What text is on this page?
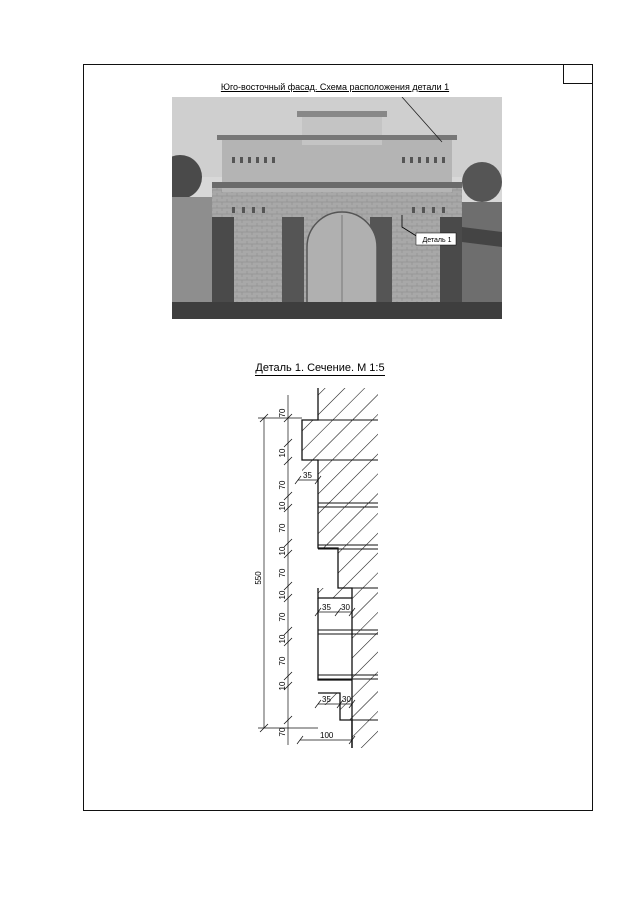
Юго-восточный фасад. Схема расположения детали 1
Деталь 1
Деталь 1. Сечение. М 1:5
550
70
10
70
10
70
10
70
10
70
10
70
10
70
35
35 30
35 30
100
